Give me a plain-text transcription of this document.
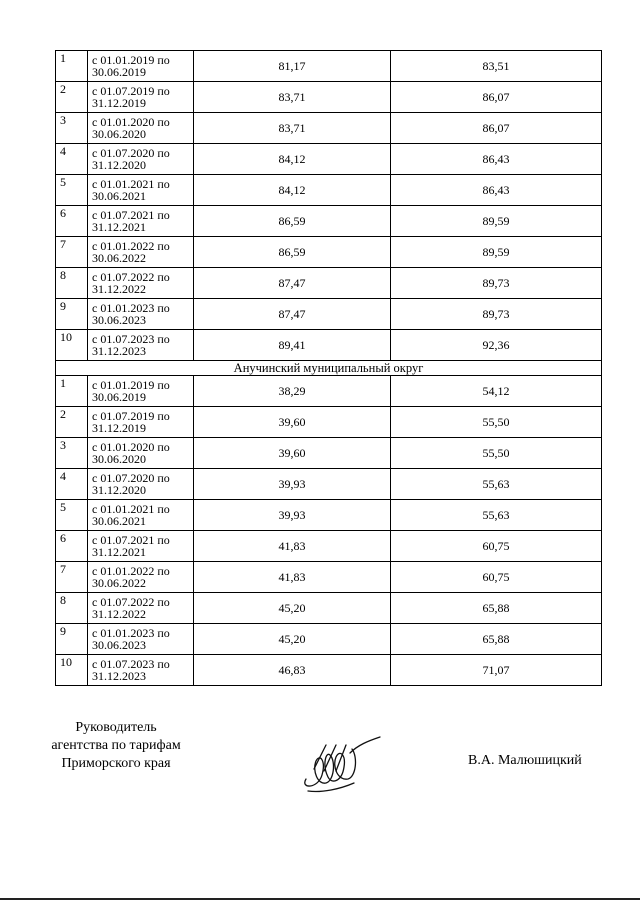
1	с 01.01.2019 по 30.06.2019	81,17	83,51
2	с 01.07.2019 по 31.12.2019	83,71	86,07
3	с 01.01.2020 по 30.06.2020	83,71	86,07
4	с 01.07.2020 по 31.12.2020	84,12	86,43
5	с 01.01.2021 по 30.06.2021	84,12	86,43
6	с 01.07.2021 по 31.12.2021	86,59	89,59
7	с 01.01.2022 по 30.06.2022	86,59	89,59
8	с 01.07.2022 по 31.12.2022	87,47	89,73
9	с 01.01.2023 по 30.06.2023	87,47	89,73
10	с 01.07.2023 по 31.12.2023	89,41	92,36
Анучинский муниципальный округ			
1	с 01.01.2019 по 30.06.2019	38,29	54,12
2	с 01.07.2019 по 31.12.2019	39,60	55,50
3	с 01.01.2020 по 30.06.2020	39,60	55,50
4	с 01.07.2020 по 31.12.2020	39,93	55,63
5	с 01.01.2021 по 30.06.2021	39,93	55,63
6	с 01.07.2021 по 31.12.2021	41,83	60,75
7	с 01.01.2022 по 30.06.2022	41,83	60,75
8	с 01.07.2022 по 31.12.2022	45,20	65,88
9	с 01.01.2023 по 30.06.2023	45,20	65,88
10	с 01.07.2023 по 31.12.2023	46,83	71,07
Руководитель
агентства по тарифам
Приморского края	В.А. Малюшицкий
